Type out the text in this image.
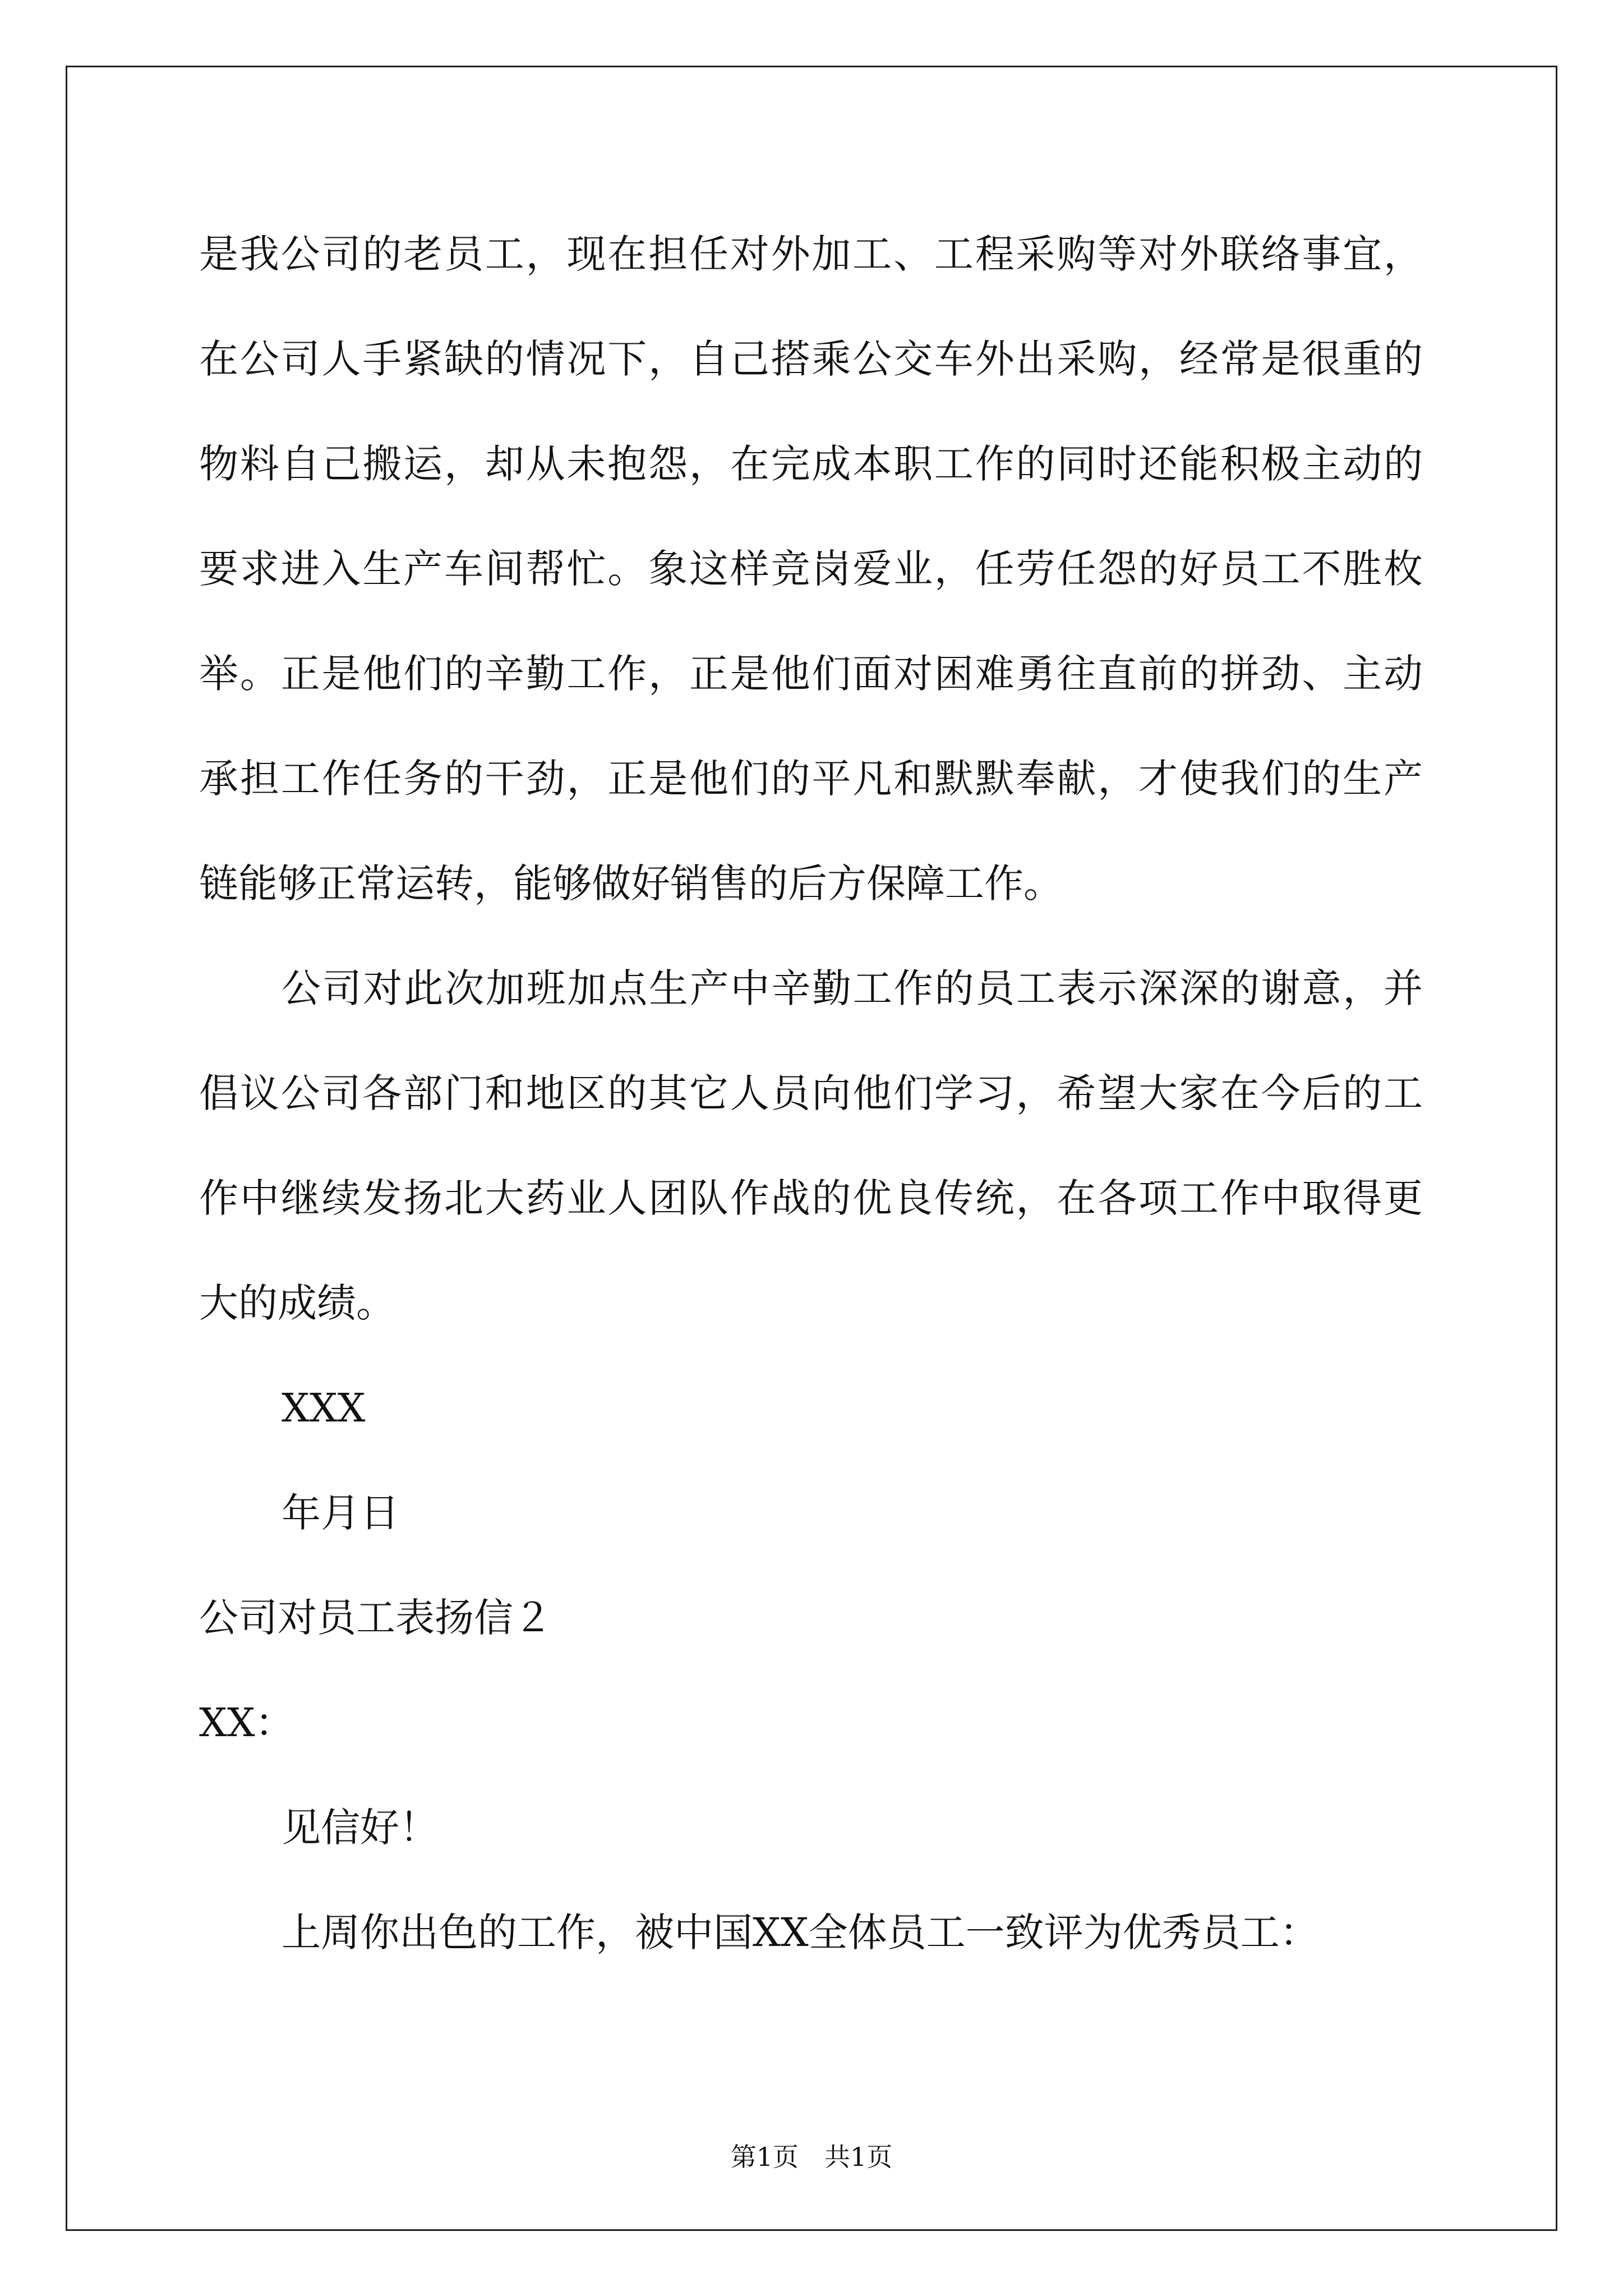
是我公司的老员工，现在担任对外加工、工程采购等对外联络事宜，

在公司人手紧缺的情况下，自己搭乘公交车外出采购，经常是很重的

物料自己搬运，却从未抱怨，在完成本职工作的同时还能积极主动的

要求进入生产车间帮忙。象这样竞岗爱业，任劳任怨的好员工不胜枚

举。正是他们的辛勤工作，正是他们面对困难勇往直前的拼劲、主动

承担工作任务的干劲，正是他们的平凡和默默奉献，才使我们的生产

链能够正常运转，能够做好销售的后方保障工作。

公司对此次加班加点生产中辛勤工作的员工表示深深的谢意，并

倡议公司各部门和地区的其它人员向他们学习，希望大家在今后的工

作中继续发扬北大药业人团队作战的优良传统，在各项工作中取得更

大的成绩。

XXX

年月日

公司对员工表扬信２

XX：

见信好！

上周你出色的工作，被中国XX全体员工一致评为优秀员工：

第1页　共1页
